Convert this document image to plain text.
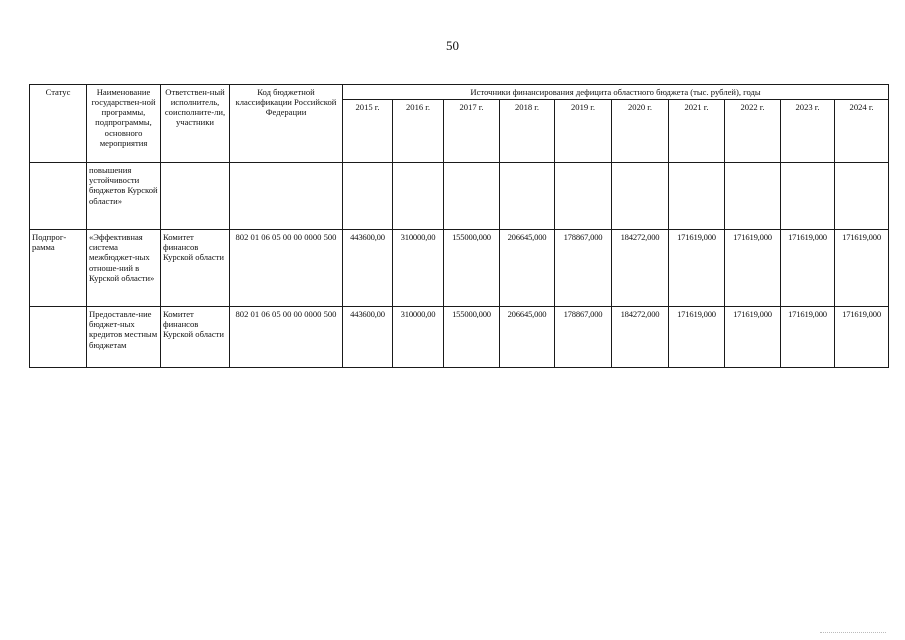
50
Статус	Наименование государствен-ной программы, подпрограммы, основного мероприятия	Ответствен-ный исполнитель, соисполните-ли, участники	Код бюджетной классификации Российской Федерации	Источники финансирования дефицита областного бюджета (тыс. рублей), годы									
				2015 г.	2016 г.	2017 г.	2018 г.	2019 г.	2020 г.	2021 г.	2022 г.	2023 г.	2024 г.
	повышения устойчивости бюджетов Курской области»												
Подпрог-рамма	«Эффективная система межбюджет-ных отноше-ний в Курской области»	Комитет финансов Курской области	802 01 06 05 00 00 0000 500	443600,00	310000,00	155000,000	206645,000	178867,000	184272,000	171619,000	171619,000	171619,000	171619,000
	Предоставле-ние бюджет-ных кредитов местным бюджетам	Комитет финансов Курской области	802 01 06 05 00 00 0000 500	443600,00	310000,00	155000,000	206645,000	178867,000	184272,000	171619,000	171619,000	171619,000	171619,000
